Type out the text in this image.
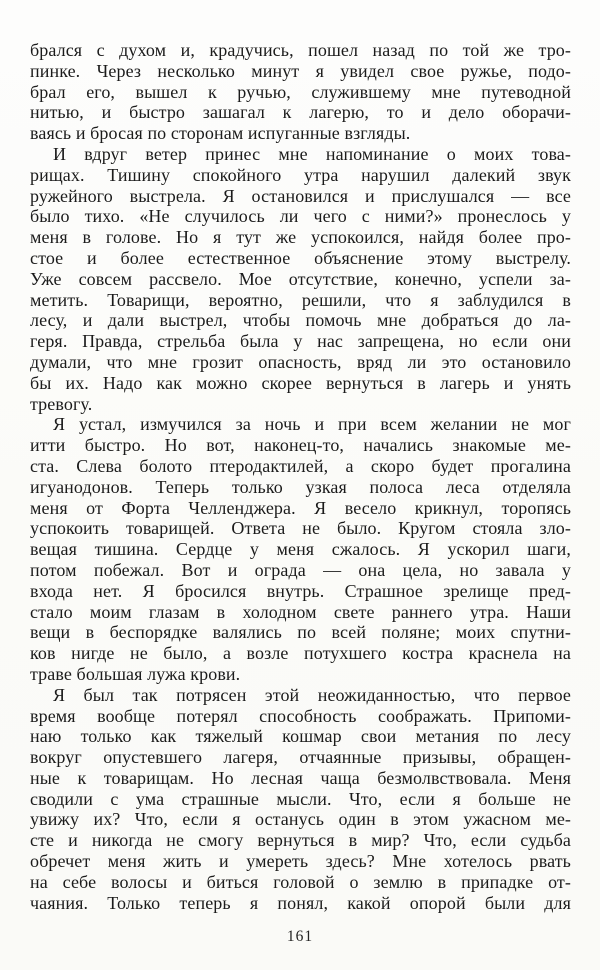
брался с духом и, крадучись, пошел назад по той же тро-
пинке. Через несколько минут я увидел свое ружье, подо-
брал его, вышел к ручью, служившему мне путеводной
нитью, и быстро зашагал к лагерю, то и дело оборачи-
ваясь и бросая по сторонам испуганные взгляды.
И вдруг ветер принес мне напоминание о моих това-
рищах. Тишину спокойного утра нарушил далекий звук
ружейного выстрела. Я остановился и прислушался — все
было тихо. «Не случилось ли чего с ними?» пронеслось у
меня в голове. Но я тут же успокоился, найдя более про-
стое и более естественное объяснение этому выстрелу.
Уже совсем рассвело. Мое отсутствие, конечно, успели за-
метить. Товарищи, вероятно, решили, что я заблудился в
лесу, и дали выстрел, чтобы помочь мне добраться до ла-
геря. Правда, стрельба была у нас запрещена, но если они
думали, что мне грозит опасность, вряд ли это остановило
бы их. Надо как можно скорее вернуться в лагерь и унять
тревогу.
Я устал, измучился за ночь и при всем желании не мог
итти быстро. Но вот, наконец-то, начались знакомые ме-
ста. Слева болото птеродактилей, а скоро будет прогалина
игуанодонов. Теперь только узкая полоса леса отделяла
меня от Форта Челленджера. Я весело крикнул, торопясь
успокоить товарищей. Ответа не было. Кругом стояла зло-
вещая тишина. Сердце у меня сжалось. Я ускорил шаги,
потом побежал. Вот и ограда — она цела, но завала у
входа нет. Я бросился внутрь. Страшное зрелище пред-
стало моим глазам в холодном свете раннего утра. Наши
вещи в беспорядке валялись по всей поляне; моих спутни-
ков нигде не было, а возле потухшего костра краснела на
траве большая лужа крови.
Я был так потрясен этой неожиданностью, что первое
время вообще потерял способность соображать. Припоми-
наю только как тяжелый кошмар свои метания по лесу
вокруг опустевшего лагеря, отчаянные призывы, обращен-
ные к товарищам. Но лесная чаща безмолвствовала. Меня
сводили с ума страшные мысли. Что, если я больше не
увижу их? Что, если я останусь один в этом ужасном ме-
сте и никогда не смогу вернуться в мир? Что, если судьба
обречет меня жить и умереть здесь? Мне хотелось рвать
на себе волосы и биться головой о землю в припадке от-
чаяния. Только теперь я понял, какой опорой были для
161
